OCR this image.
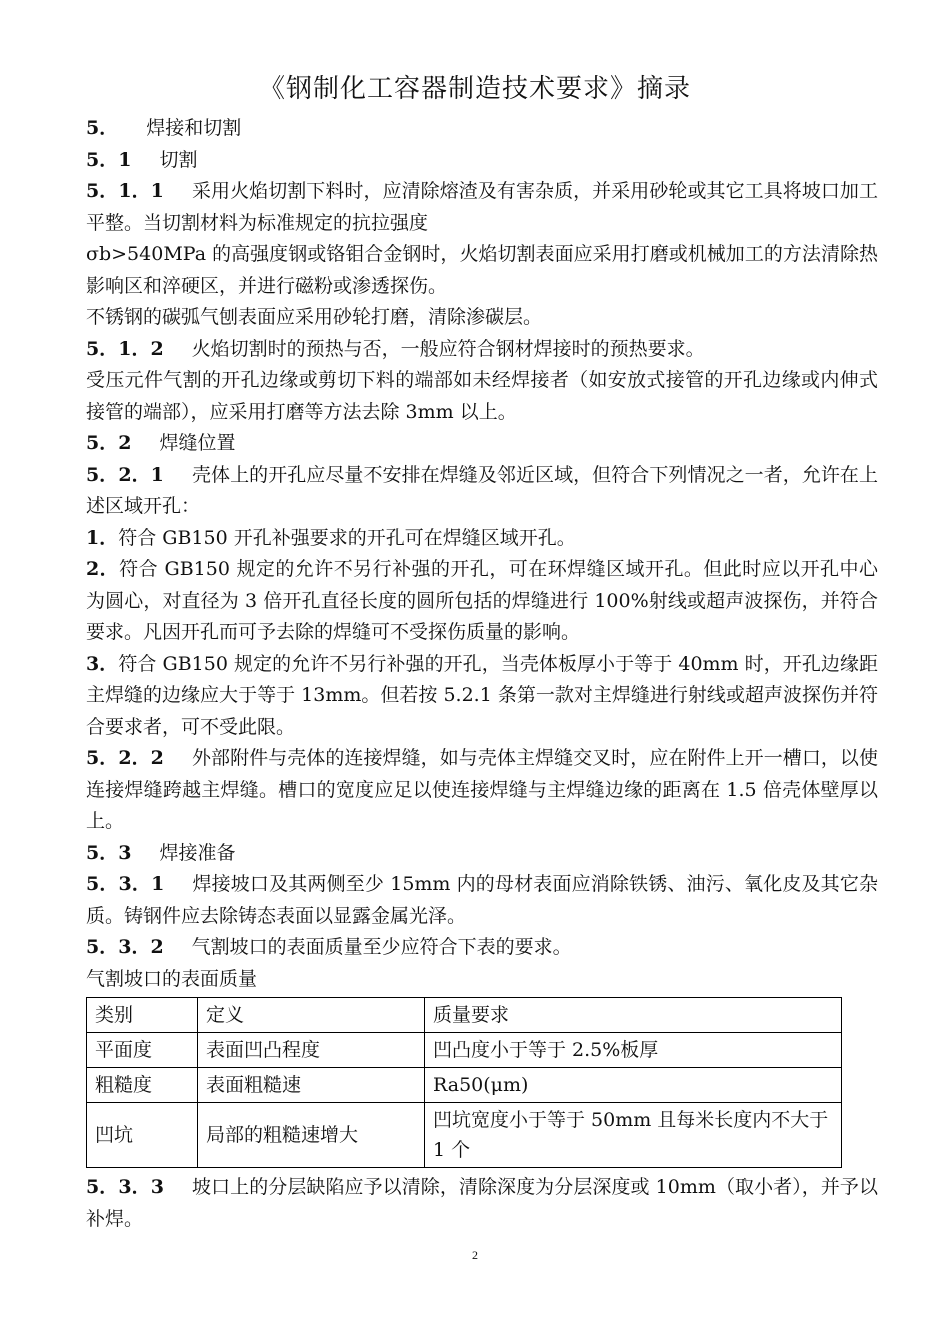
《钢制化工容器制造技术要求》摘录

5． 焊接和切割

5．1 切割

5．1．1 采用火焰切割下料时，应清除熔渣及有害杂质，并采用砂轮或其它工具将坡口加工平整。当切割材料为标准规定的抗拉强度

σb>540MPa 的高强度钢或铬钼合金钢时，火焰切割表面应采用打磨或机械加工的方法清除热影响区和淬硬区，并进行磁粉或渗透探伤。

不锈钢的碳弧气刨表面应采用砂轮打磨，清除渗碳层。

5．1．2 火焰切割时的预热与否，一般应符合钢材焊接时的预热要求。

受压元件气割的开孔边缘或剪切下料的端部如未经焊接者（如安放式接管的开孔边缘或内伸式接管的端部），应采用打磨等方法去除 3mm 以上。

5．2 焊缝位置

5．2．1 壳体上的开孔应尽量不安排在焊缝及邻近区域，但符合下列情况之一者，允许在上述区域开孔：

1．符合 GB150 开孔补强要求的开孔可在焊缝区域开孔。

2．符合 GB150 规定的允许不另行补强的开孔，可在环焊缝区域开孔。但此时应以开孔中心为圆心，对直径为 3 倍开孔直径长度的圆所包括的焊缝进行 100%射线或超声波探伤，并符合要求。凡因开孔而可予去除的焊缝可不受探伤质量的影响。

3．符合 GB150 规定的允许不另行补强的开孔，当壳体板厚小于等于 40mm 时，开孔边缘距主焊缝的边缘应大于等于 13mm。但若按 5.2.1 条第一款对主焊缝进行射线或超声波探伤并符合要求者，可不受此限。

5．2．2 外部附件与壳体的连接焊缝，如与壳体主焊缝交叉时，应在附件上开一槽口，以使连接焊缝跨越主焊缝。槽口的宽度应足以使连接焊缝与主焊缝边缘的距离在 1.5 倍壳体壁厚以上。

5．3 焊接准备

5．3．1 焊接坡口及其两侧至少 15mm 内的母材表面应消除铁锈、油污、氧化皮及其它杂质。铸钢件应去除铸态表面以显露金属光泽。

5．3．2 气割坡口的表面质量至少应符合下表的要求。

气割坡口的表面质量

类别	定义	质量要求
平面度	表面凹凸程度	凹凸度小于等于 2.5%板厚
粗糙度	表面粗糙速	Ra50(μm)
凹坑	局部的粗糙速增大	凹坑宽度小于等于 50mm 且每米长度内不大于 1 个

5．3．3 坡口上的分层缺陷应予以清除，清除深度为分层深度或 10mm（取小者），并予以补焊。

2
